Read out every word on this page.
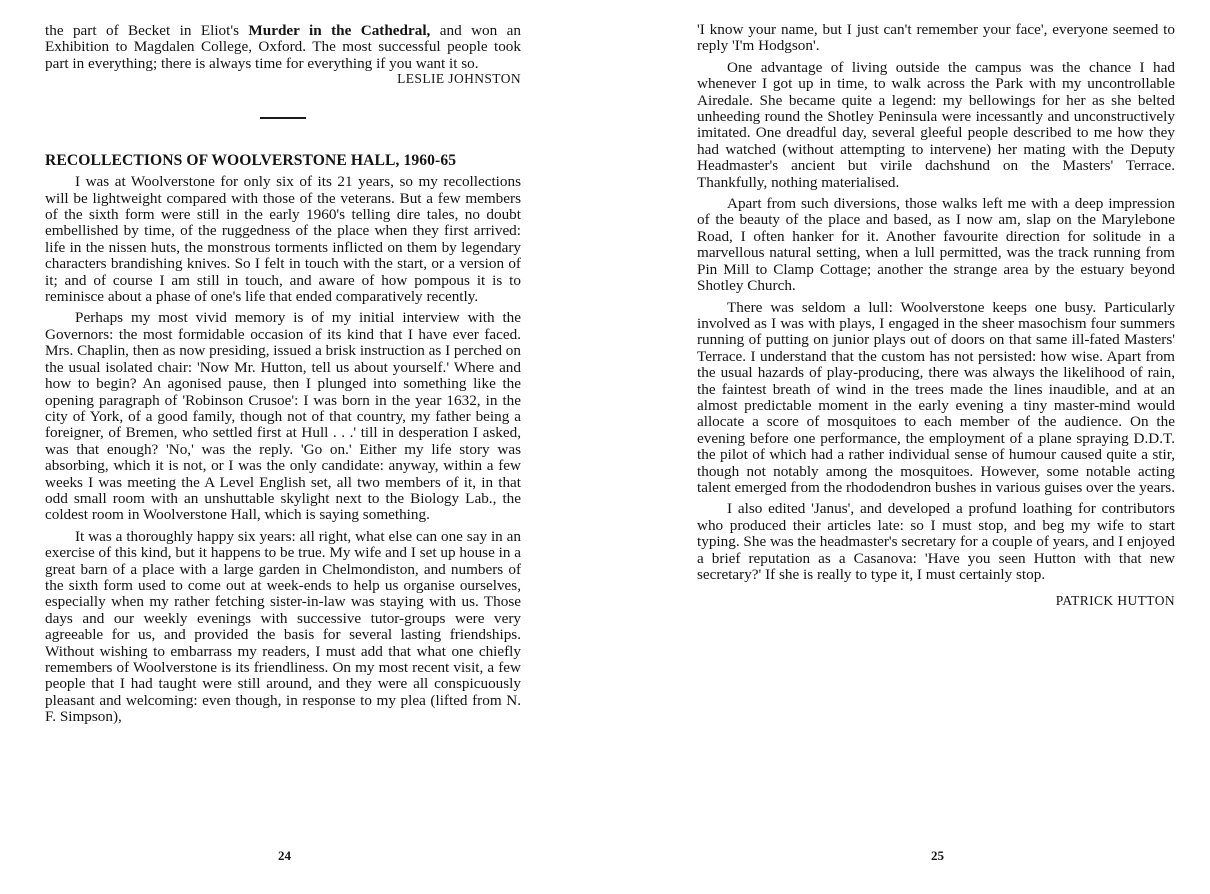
the part of Becket in Eliot's Murder in the Cathedral, and won an Exhibition to Magdalen College, Oxford. The most successful people took part in everything; there is always time for everything if you want it so.

LESLIE JOHNSTON

RECOLLECTIONS OF WOOLVERSTONE HALL, 1960-65

I was at Woolverstone for only six of its 21 years, so my recollections will be lightweight compared with those of the veterans. But a few members of the sixth form were still in the early 1960's telling dire tales, no doubt embellished by time, of the ruggedness of the place when they first arrived: life in the nissen huts, the monstrous torments inflicted on them by legendary characters brandishing knives. So I felt in touch with the start, or a version of it; and of course I am still in touch, and aware of how pompous it is to reminisce about a phase of one's life that ended comparatively recently.

Perhaps my most vivid memory is of my initial interview with the Governors: the most formidable occasion of its kind that I have ever faced. Mrs. Chaplin, then as now presiding, issued a brisk instruction as I perched on the usual isolated chair: 'Now Mr. Hutton, tell us about yourself.' Where and how to begin? An agonised pause, then I plunged into something like the opening paragraph of 'Robinson Crusoe': I was born in the year 1632, in the city of York, of a good family, though not of that country, my father being a foreigner, of Bremen, who settled first at Hull . . .' till in desperation I asked, was that enough? 'No,' was the reply. 'Go on.' Either my life story was absorbing, which it is not, or I was the only candidate: anyway, within a few weeks I was meeting the A Level English set, all two members of it, in that odd small room with an unshuttable skylight next to the Biology Lab., the coldest room in Woolverstone Hall, which is saying something.

It was a thoroughly happy six years: all right, what else can one say in an exercise of this kind, but it happens to be true. My wife and I set up house in a great barn of a place with a large garden in Chelmondiston, and numbers of the sixth form used to come out at week-ends to help us organise ourselves, especially when my rather fetching sister-in-law was staying with us. Those days and our weekly evenings with successive tutor-groups were very agreeable for us, and provided the basis for several lasting friendships. Without wishing to embarrass my readers, I must add that what one chiefly remembers of Woolverstone is its friendliness. On my most recent visit, a few people that I had taught were still around, and they were all conspicuously pleasant and welcoming: even though, in response to my plea (lifted from N. F. Simpson),

24

'I know your name, but I just can't remember your face', everyone seemed to reply 'I'm Hodgson'.

One advantage of living outside the campus was the chance I had whenever I got up in time, to walk across the Park with my uncontrollable Airedale. She became quite a legend: my bellowings for her as she belted unheeding round the Shotley Peninsula were incessantly and unconstructively imitated. One dreadful day, several gleeful people described to me how they had watched (without attempting to intervene) her mating with the Deputy Headmaster's ancient but virile dachshund on the Masters' Terrace. Thankfully, nothing materialised.

Apart from such diversions, those walks left me with a deep impression of the beauty of the place and based, as I now am, slap on the Marylebone Road, I often hanker for it. Another favourite direction for solitude in a marvellous natural setting, when a lull permitted, was the track running from Pin Mill to Clamp Cottage; another the strange area by the estuary beyond Shotley Church.

There was seldom a lull: Woolverstone keeps one busy. Particularly involved as I was with plays, I engaged in the sheer masochism four summers running of putting on junior plays out of doors on that same ill-fated Masters' Terrace. I understand that the custom has not persisted: how wise. Apart from the usual hazards of play-producing, there was always the likelihood of rain, the faintest breath of wind in the trees made the lines inaudible, and at an almost predictable moment in the early evening a tiny master-mind would allocate a score of mosquitoes to each member of the audience. On the evening before one performance, the employment of a plane spraying D.D.T. the pilot of which had a rather individual sense of humour caused quite a stir, though not notably among the mosquitoes. However, some notable acting talent emerged from the rhododendron bushes in various guises over the years.

I also edited 'Janus', and developed a profund loathing for contributors who produced their articles late: so I must stop, and beg my wife to start typing. She was the headmaster's secretary for a couple of years, and I enjoyed a brief reputation as a Casanova: 'Have you seen Hutton with that new secretary?' If she is really to type it, I must certainly stop.

PATRICK HUTTON

25
